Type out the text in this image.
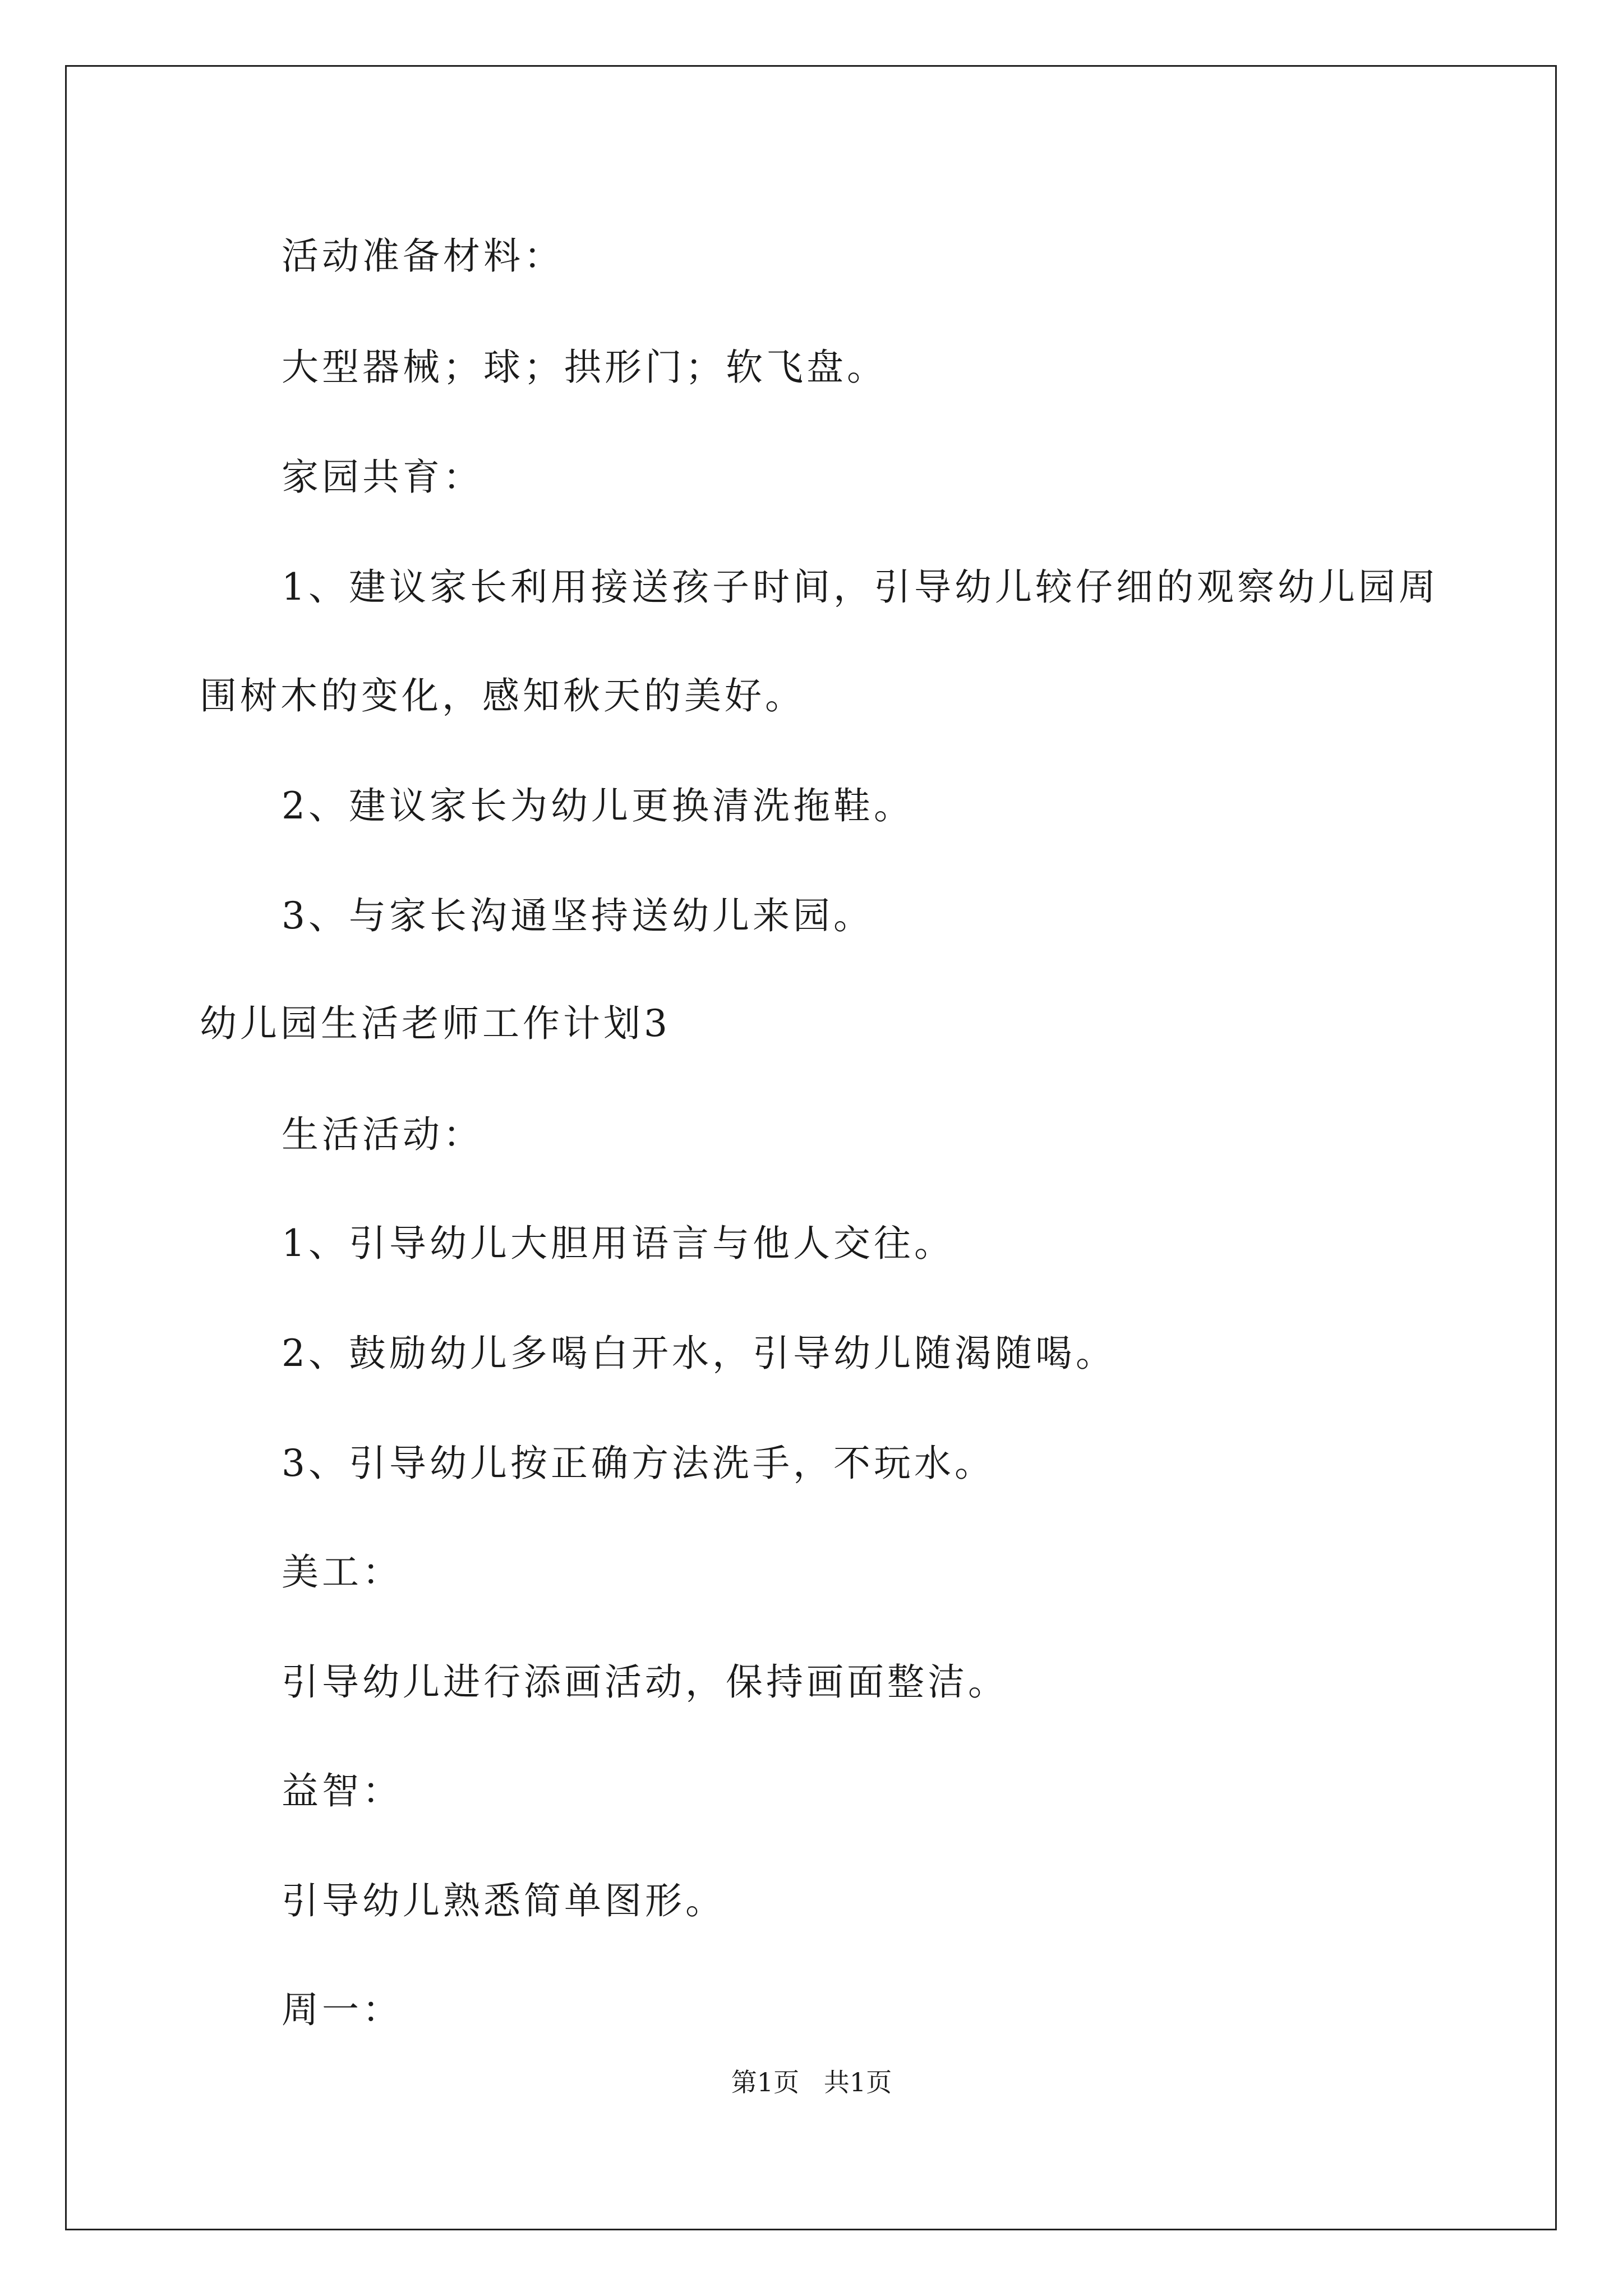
活动准备材料：
大型器械；球；拱形门；软飞盘。
家园共育：
1、建议家长利用接送孩子时间，引导幼儿较仔细的观察幼儿园周
围树木的变化，感知秋天的美好。
2、建议家长为幼儿更换清洗拖鞋。
3、与家长沟通坚持送幼儿来园。
幼儿园生活老师工作计划3
生活活动：
1、引导幼儿大胆用语言与他人交往。
2、鼓励幼儿多喝白开水，引导幼儿随渴随喝。
3、引导幼儿按正确方法洗手，不玩水。
美工：
引导幼儿进行添画活动，保持画面整洁。
益智：
引导幼儿熟悉简单图形。
周一：
第1页   共1页
